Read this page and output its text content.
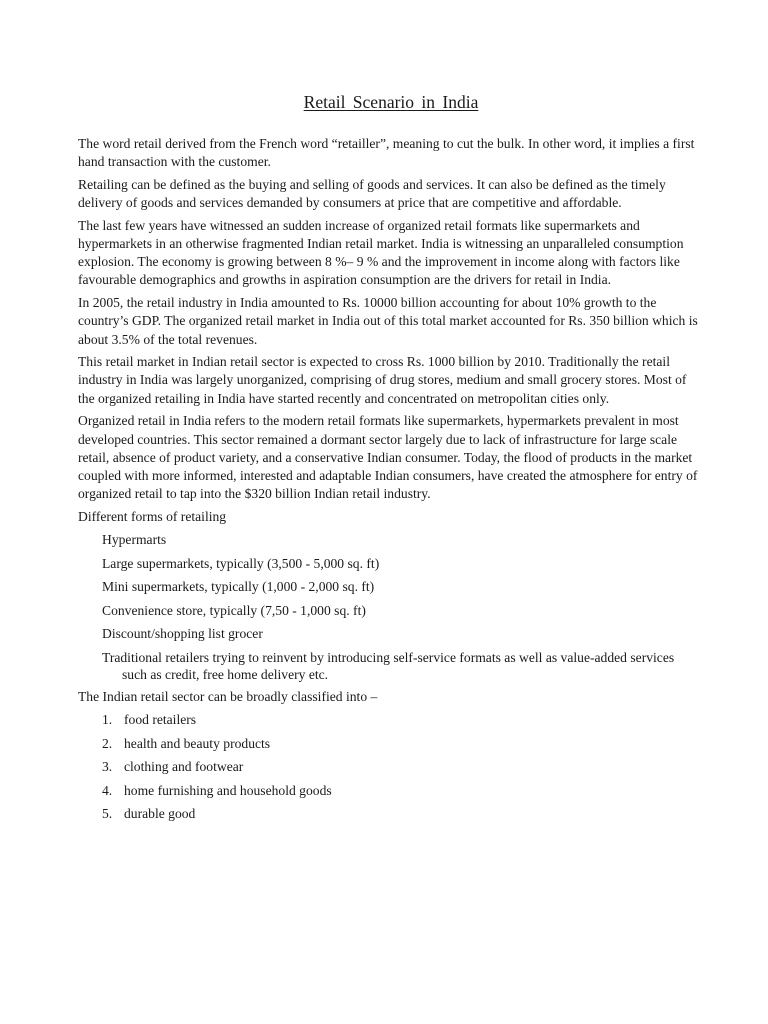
Retail Scenario in India

The word retail derived from the French word “retailler”, meaning to cut the bulk. In other word, it implies a first hand transaction with the customer.

Retailing can be defined as the buying and selling of goods and services. It can also be defined as the timely delivery of goods and services demanded by consumers at price that are competitive and affordable.

The last few years have witnessed an sudden increase of organized retail formats like supermarkets and hypermarkets in an otherwise fragmented Indian retail market. India is witnessing an unparalleled consumption explosion. The economy is growing between 8 %– 9 % and the improvement in income along with factors like favourable demographics and growths in aspiration consumption are the drivers for retail in India.

In 2005, the retail industry in India amounted to Rs. 10000 billion accounting for about 10% growth to the country’s GDP. The organized retail market in India out of this total market accounted for Rs. 350 billion which is about 3.5% of the total revenues.

This retail market in Indian retail sector is expected to cross Rs. 1000 billion by 2010. Traditionally the retail industry in India was largely unorganized, comprising of drug stores, medium and small grocery stores. Most of the organized retailing in India have started recently and concentrated on metropolitan cities only.

Organized retail in India refers to the modern retail formats like supermarkets, hypermarkets prevalent in most developed countries. This sector remained a dormant sector largely due to lack of infrastructure for large scale retail, absence of product variety, and a conservative Indian consumer. Today, the flood of products in the market coupled with more informed, interested and adaptable Indian consumers, have created the atmosphere for entry of organized retail to tap into the $320 billion Indian retail industry.

Different forms of retailing
Hypermarts
Large supermarkets, typically (3,500 - 5,000 sq. ft)
Mini supermarkets, typically (1,000 - 2,000 sq. ft)
Convenience store, typically (7,50 - 1,000 sq. ft)
Discount/shopping list grocer
Traditional retailers trying to reinvent by introducing self-service formats as well as value-added services such as credit, free home delivery etc.
The Indian retail sector can be broadly classified into –
1. food retailers
2. health and beauty products
3. clothing and footwear
4. home furnishing and household goods
5. durable good
